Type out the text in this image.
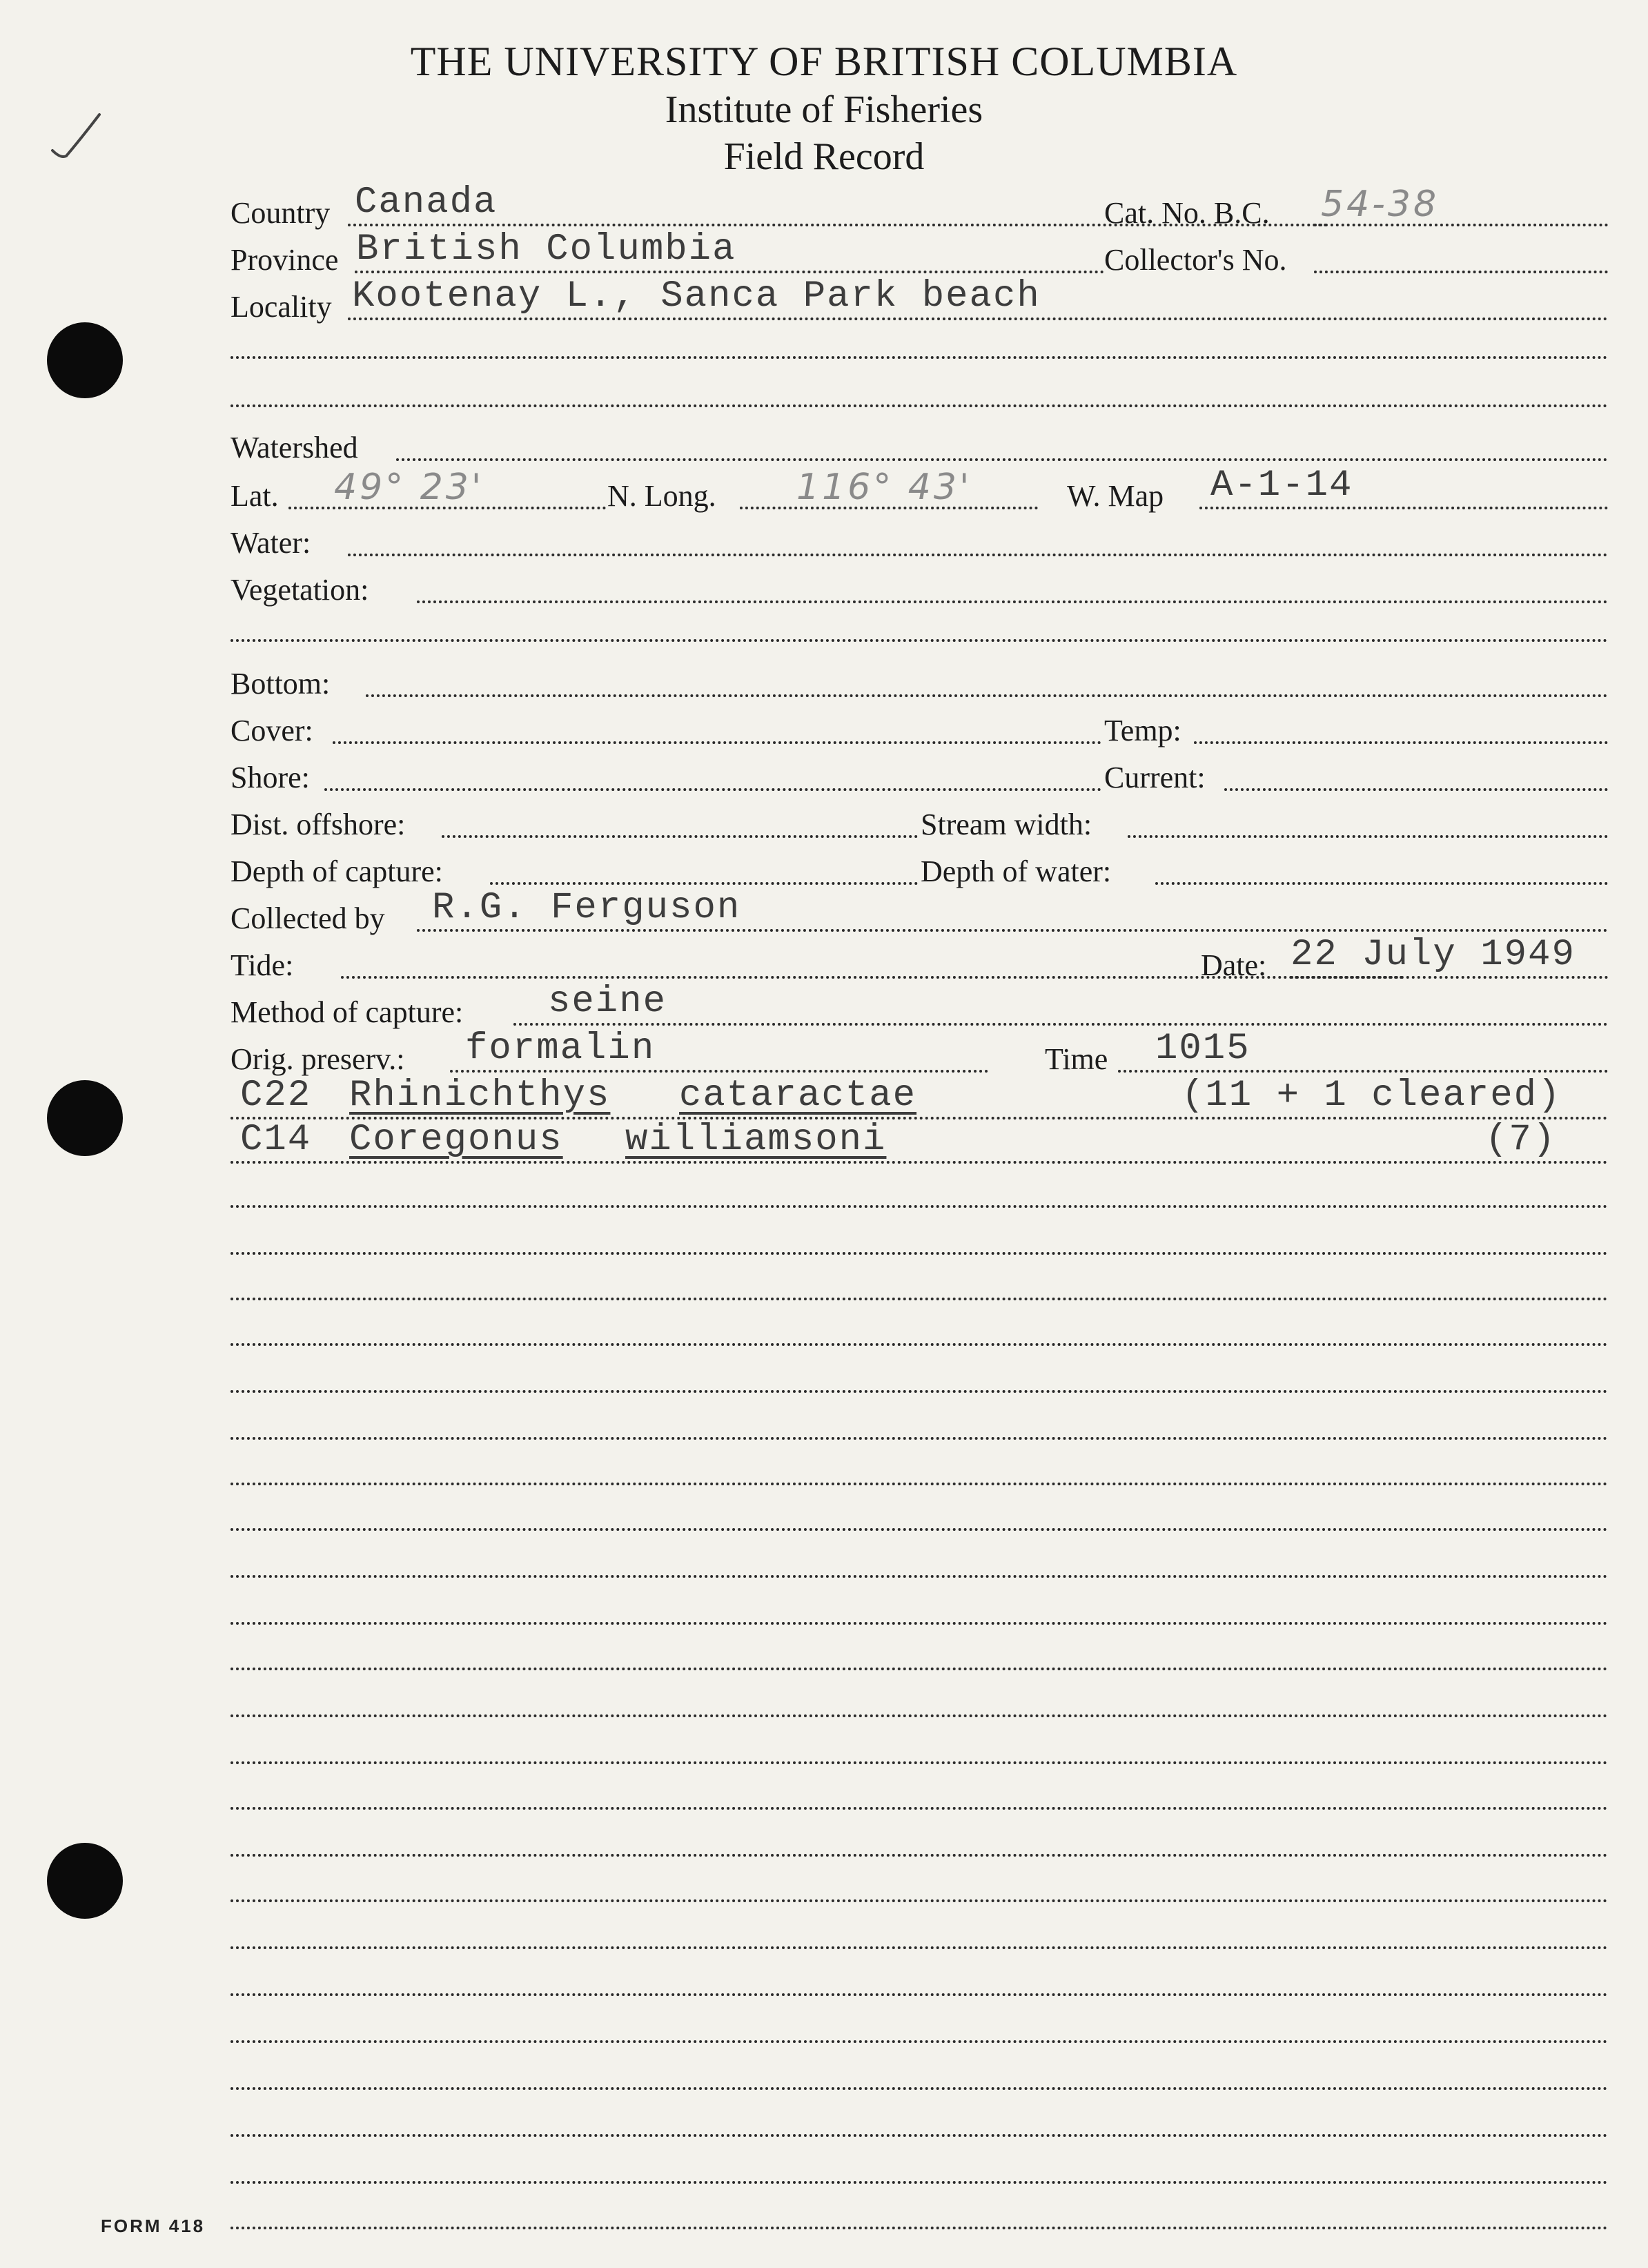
THE UNIVERSITY OF BRITISH COLUMBIA
Institute of Fisheries
Field Record
Country Canada	Cat. No. B.C. 54-38
Province British Columbia	Collector's No.
Locality Kootenay L., Sanca Park beach
Watershed
Lat. 49° 23'	N. Long. 116° 43'	W. Map A-1-14
Water:
Vegetation:
Bottom:
Cover:	Temp:
Shore:	Current:
Dist. offshore:	Stream width:
Depth of capture:	Depth of water:
Collected by R.G. Ferguson
Tide:	Date: 22 July 1949
Method of capture: seine
Orig. preserv.: formalin	Time 1015
C22 Rhinichthys cataractae	(11 + 1 cleared)
C14 Coregonus williamsoni	(7)
FORM 418
